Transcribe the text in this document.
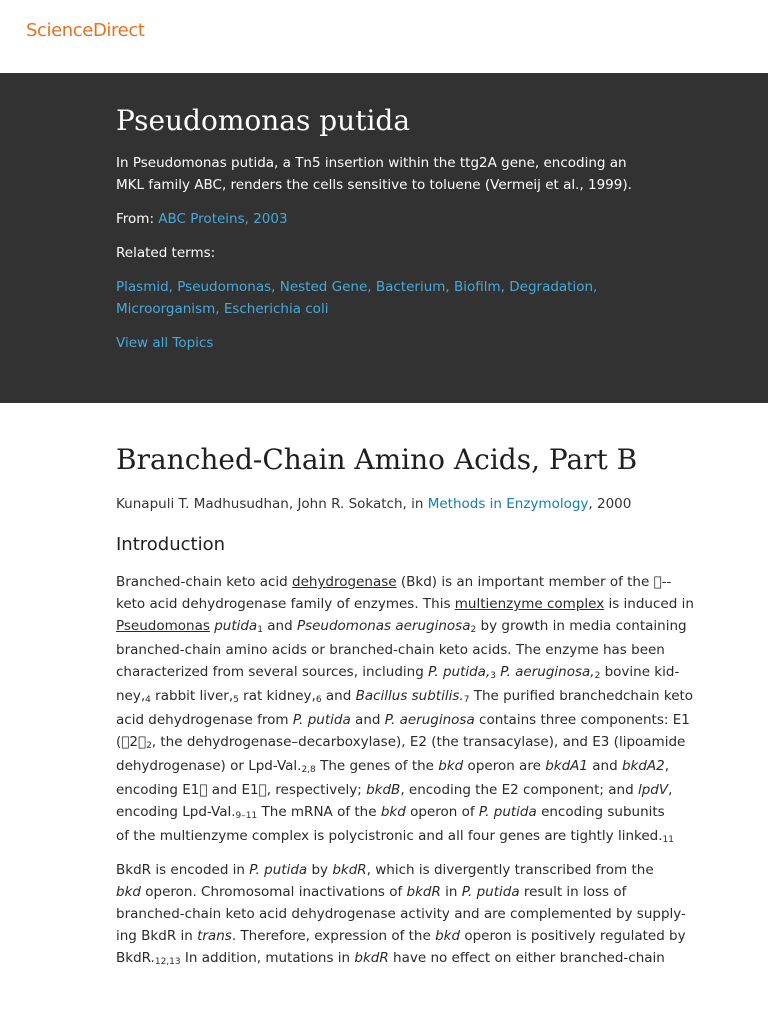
ScienceDirect
Pseudomonas putida

In Pseudomonas putida, a Tn5 insertion within the ttg2A gene, encoding an MKL family ABC, renders the cells sensitive to toluene (Vermeij et al., 1999).

From: ABC Proteins, 2003

Related terms:

Plasmid, Pseudomonas, Nested Gene, Bacterium, Biofilm, Degradation, Microorganism, Escherichia coli

View all Topics

Branched-Chain Amino Acids, Part B

Kunapuli T. Madhusudhan, John R. Sokatch, in Methods in Enzymology, 2000

Introduction
Branched-chain keto acid dehydrogenase (Bkd) is an important member of the  --
keto acid dehydrogenase family of enzymes. This multienzyme complex is induced in
Pseudomonas putida1 and Pseudomonas aeruginosa2 by growth in media containing
branched-chain amino acids or branched-chain keto acids. The enzyme has been
characterized from several sources, including P. putida,3 P. aeruginosa,2 bovine kid-
ney,4 rabbit liver,5 rat kidney,6 and Bacillus subtilis.7 The purified branchedchain keto
acid dehydrogenase from P. putida and P. aeruginosa contains three components: E1
( 2 2, the dehydrogenase–decarboxylase), E2 (the transacylase), and E3 (lipoamide
dehydrogenase) or Lpd-Val.2,8 The genes of the bkd operon are bkdA1 and bkdA2,
encoding E1  and E1 , respectively; bkdB, encoding the E2 component; and lpdV,
encoding Lpd-Val.9–11 The mRNA of the bkd operon of P. putida encoding subunits
of the multienzyme complex is polycistronic and all four genes are tightly linked.11
BkdR is encoded in P. putida by bkdR, which is divergently transcribed from the
bkd operon. Chromosomal inactivations of bkdR in P. putida result in loss of
branched-chain keto acid dehydrogenase activity and are complemented by supply-
ing BkdR in trans. Therefore, expression of the bkd operon is positively regulated by
BkdR.12,13 In addition, mutations in bkdR have no effect on either branched-chain
